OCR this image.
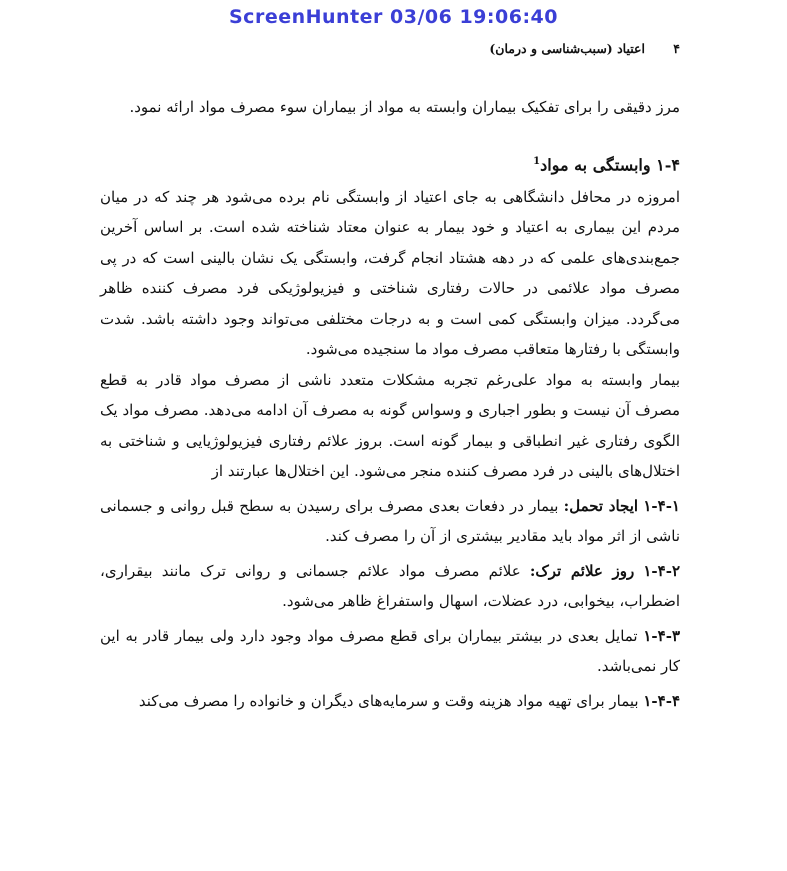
ScreenHunter 03/06 19:06:40
۴ اعتیاد (سبب‌شناسی و درمان)

مرز دقیقی را برای تفکیک بیماران وابسته به مواد از بیماران سوء مصرف مواد ارائه نمود.

۱-۴ وابستگی به مواد$^1$

امروزه در محافل دانشگاهی به جای اعتیاد از وابستگی نام برده می‌شود هر چند که در میان مردم این بیماری به اعتیاد و خود بیمار به عنوان معتاد شناخته شده است. بر اساس آخرین جمع‌بندی‌های علمی که در دهه هشتاد انجام گرفت، وابستگی یک نشان بالینی است که در پی مصرف مواد علائمی در حالات رفتاری شناختی و فیزیولوژیکی فرد مصرف کننده ظاهر می‌گردد. میزان وابستگی کمی است و به درجات مختلفی می‌تواند وجود داشته باشد. شدت وابستگی با رفتارها متعاقب مصرف مواد ما سنجیده می‌شود.

بیمار وابسته به مواد علی‌رغم تجربه مشکلات متعدد ناشی از مصرف مواد قادر به قطع مصرف آن نیست و بطور اجباری و وسواس گونه به مصرف آن ادامه می‌دهد. مصرف مواد یک الگوی رفتاری غیر انطباقی و بیمار گونه است. بروز علائم رفتاری فیزیولوژیایی و شناختی به اختلال‌های بالینی در فرد مصرف کننده منجر می‌شود. این اختلال‌ها عبارتند از

۱-۴-۱ ایجاد تحمل: بیمار در دفعات بعدی مصرف برای رسیدن به سطح قبل روانی و جسمانی ناشی از اثر مواد باید مقادیر بیشتری از آن را مصرف کند.

۱-۴-۲ روز علائم ترک: علائم مصرف مواد علائم جسمانی و روانی ترک مانند بیقراری، اضطراب، بیخوابی، درد عضلات، اسهال واستفراغ ظاهر می‌شود.

۱-۴-۳ تمایل بعدی در بیشتر بیماران برای قطع مصرف مواد وجود دارد ولی بیمار قادر به این کار نمی‌باشد.

۱-۴-۴ بیمار برای تهیه مواد هزینه وقت و سرمایه‌های دیگران و خانواده را مصرف می‌کند
